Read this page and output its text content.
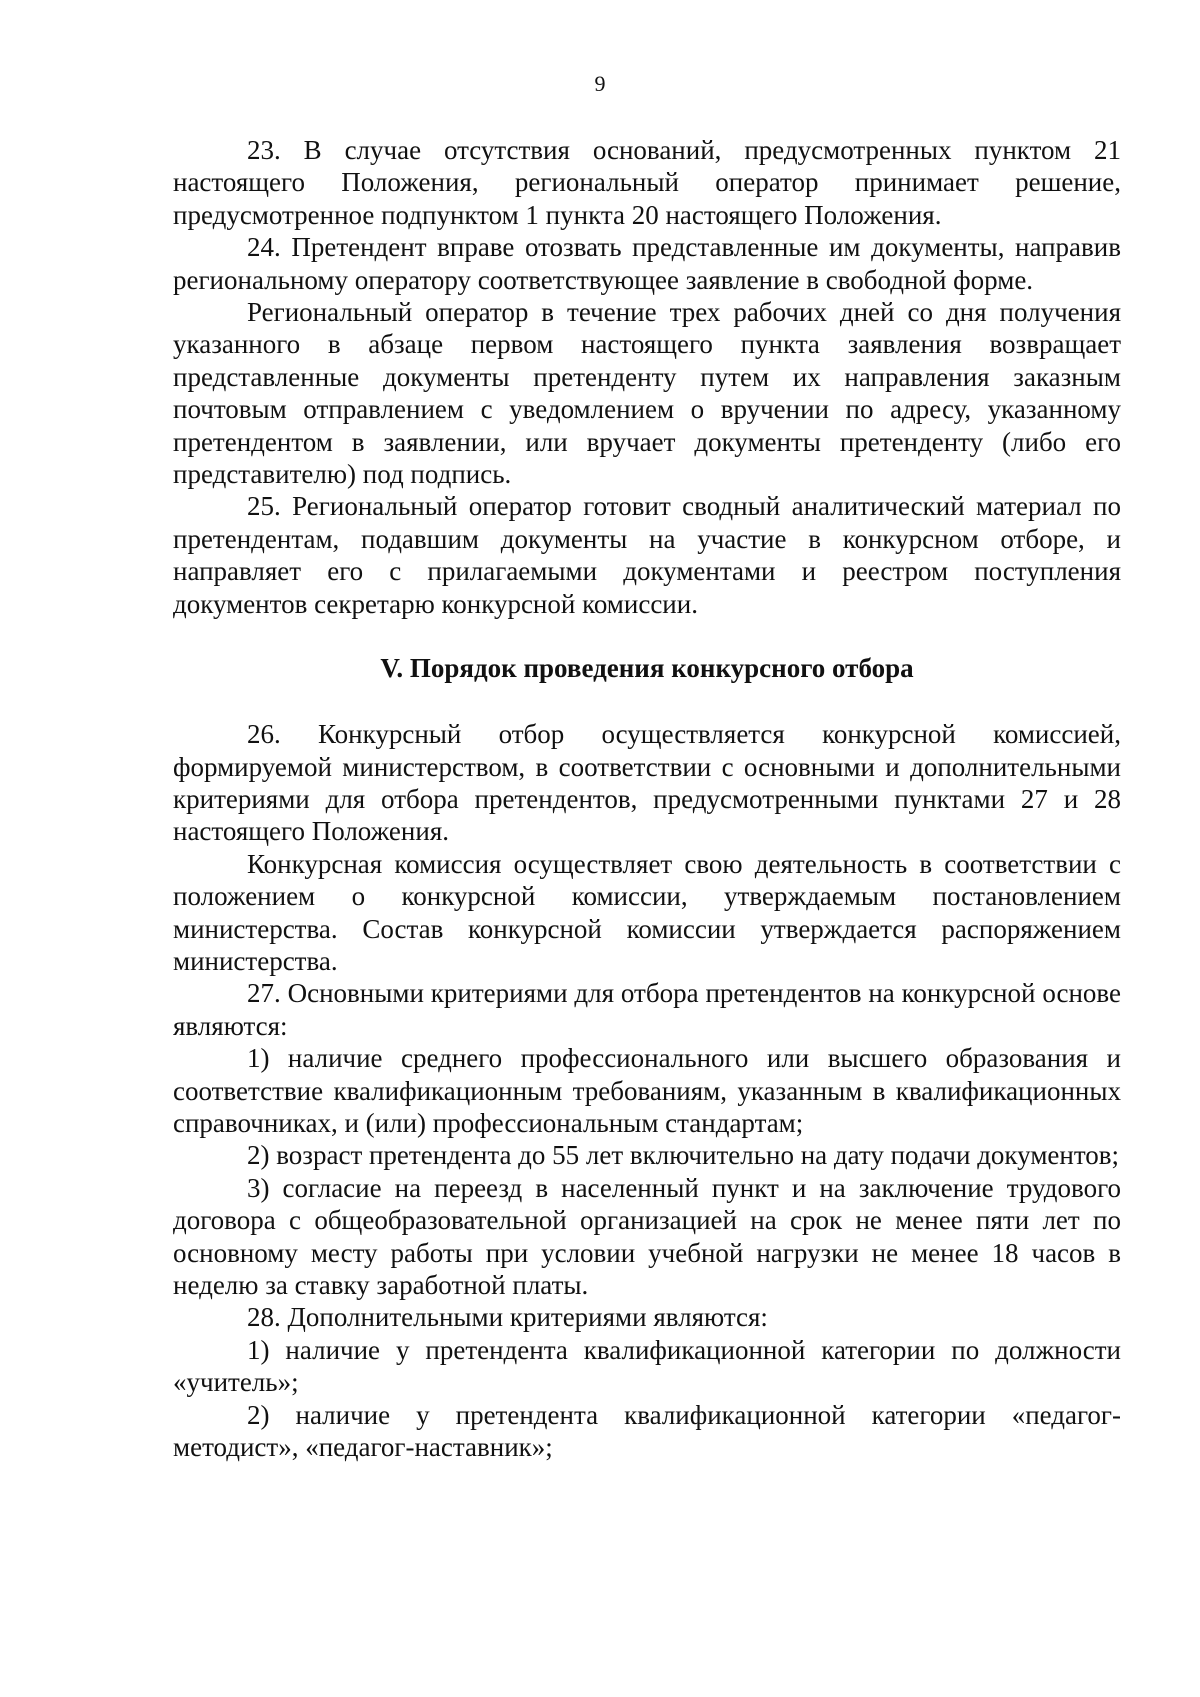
9

23. В случае отсутствия оснований, предусмотренных пунктом 21 настоящего Положения, региональный оператор принимает решение, предусмотренное подпунктом 1 пункта 20 настоящего Положения.

24. Претендент вправе отозвать представленные им документы, направив региональному оператору соответствующее заявление в свободной форме.

Региональный оператор в течение трех рабочих дней со дня получения указанного в абзаце первом настоящего пункта заявления возвращает представленные документы претенденту путем их направления заказным почтовым отправлением с уведомлением о вручении по адресу, указанному претендентом в заявлении, или вручает документы претенденту (либо его представителю) под подпись.

25. Региональный оператор готовит сводный аналитический материал по претендентам, подавшим документы на участие в конкурсном отборе, и направляет его с прилагаемыми документами и реестром поступления документов секретарю конкурсной комиссии.

V. Порядок проведения конкурсного отбора

26. Конкурсный отбор осуществляется конкурсной комиссией, формируемой министерством, в соответствии с основными и дополнительными критериями для отбора претендентов, предусмотренными пунктами 27 и 28 настоящего Положения.

Конкурсная комиссия осуществляет свою деятельность в соответствии с положением о конкурсной комиссии, утверждаемым постановлением министерства. Состав конкурсной комиссии утверждается распоряжением министерства.

27. Основными критериями для отбора претендентов на конкурсной основе являются:

1) наличие среднего профессионального или высшего образования и соответствие квалификационным требованиям, указанным в квалификационных справочниках, и (или) профессиональным стандартам;

2) возраст претендента до 55 лет включительно на дату подачи документов;

3) согласие на переезд в населенный пункт и на заключение трудового договора с общеобразовательной организацией на срок не менее пяти лет по основному месту работы при условии учебной нагрузки не менее 18 часов в неделю за ставку заработной платы.

28. Дополнительными критериями являются:

1) наличие у претендента квалификационной категории по должности «учитель»;

2) наличие у претендента квалификационной категории «педагог-методист», «педагог-наставник»;
